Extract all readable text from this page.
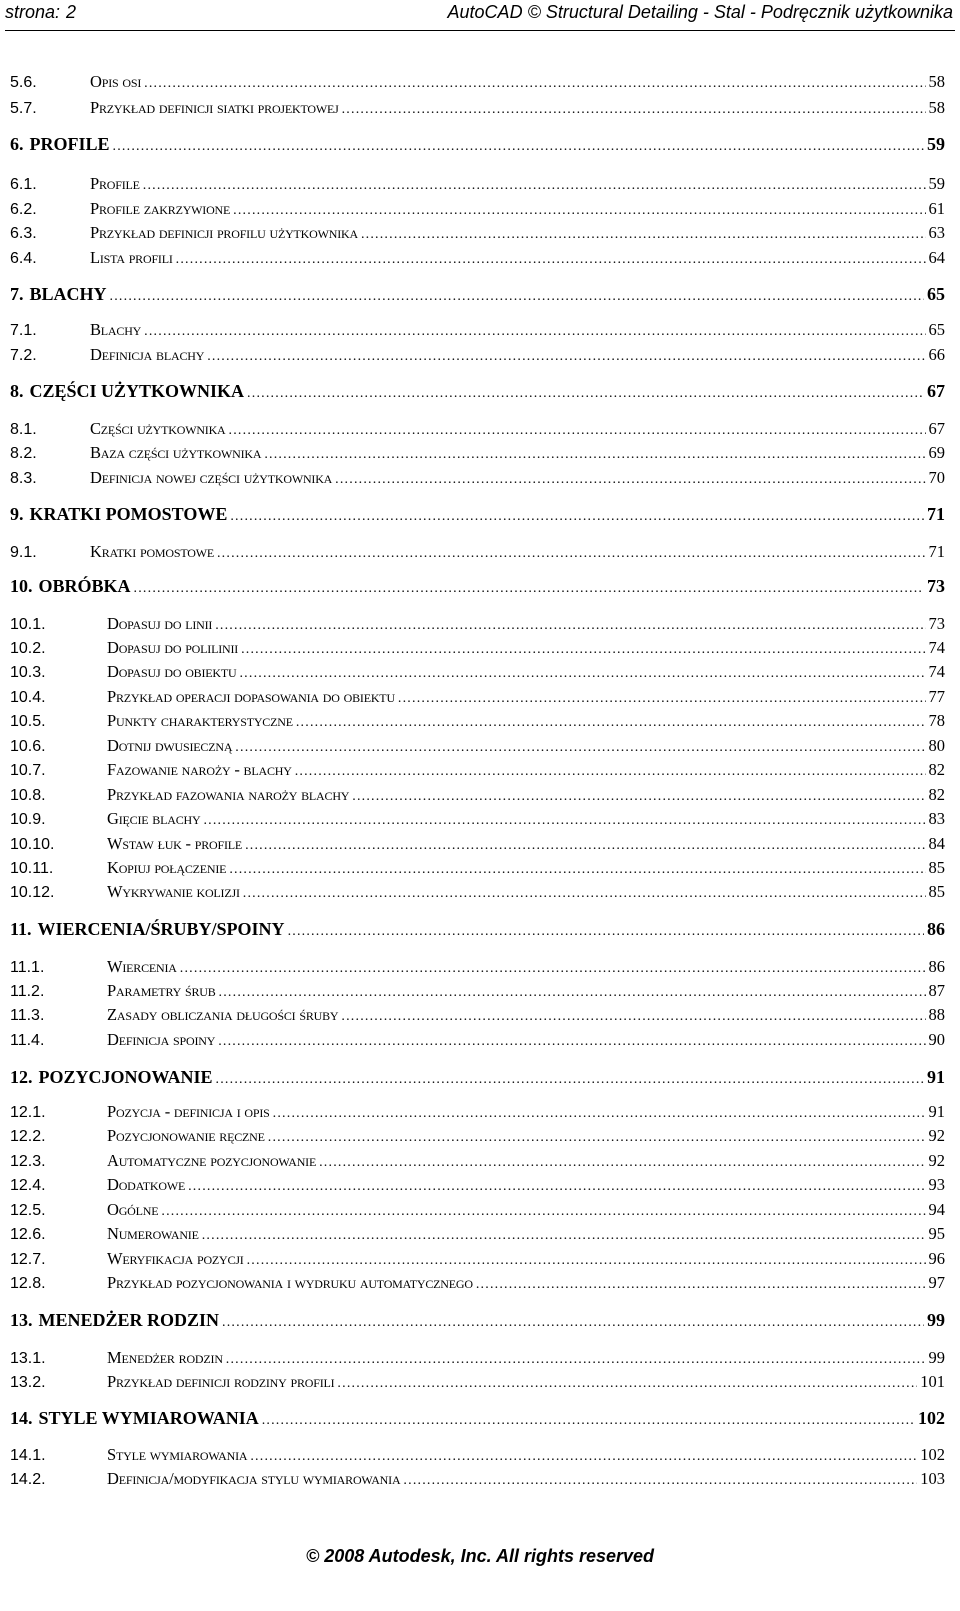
strona: 2	AutoCAD © Structural Detailing - Stal - Podręcznik użytkownika
5.6.	Opis osi .....	58
5.7.	Przykład definicji siatki projektowej .....	58
6. PROFILE .....	59
6.1.	Profile .....	59
6.2.	Profile zakrzywione .....	61
6.3.	Przykład definicji profilu użytkownika .....	63
6.4.	Lista profili .....	64
7. BLACHY .....	65
7.1.	Blachy .....	65
7.2.	Definicja blachy .....	66
8. CZĘŚCI UŻYTKOWNIKA .....	67
8.1.	Części użytkownika .....	67
8.2.	Baza części użytkownika .....	69
8.3.	Definicja nowej części użytkownika .....	70
9. KRATKI POMOSTOWE .....	71
9.1.	Kratki pomostowe .....	71
10. OBRÓBKA .....	73
10.1.	Dopasuj do linii .....	73
10.2.	Dopasuj do polilinii .....	74
10.3.	Dopasuj do obiektu .....	74
10.4.	Przykład operacji dopasowania do obiektu .....	77
10.5.	Punkty charakterystyczne .....	78
10.6.	Dotnij dwusieczną .....	80
10.7.	Fazowanie naroży - blachy .....	82
10.8.	Przykład fazowania naroży blachy .....	82
10.9.	Gięcie blachy .....	83
10.10.	Wstaw łuk - profile .....	84
10.11.	Kopiuj połączenie .....	85
10.12.	Wykrywanie kolizji .....	85
11. WIERCENIA/ŚRUBY/SPOINY .....	86
11.1.	Wiercenia .....	86
11.2.	Parametry śrub .....	87
11.3.	Zasady obliczania długości śruby .....	88
11.4.	Definicja spoiny .....	90
12. POZYCJONOWANIE .....	91
12.1.	Pozycja - definicja i opis .....	91
12.2.	Pozycjonowanie ręczne .....	92
12.3.	Automatyczne pozycjonowanie .....	92
12.4.	Dodatkowe .....	93
12.5.	Ogólne .....	94
12.6.	Numerowanie .....	95
12.7.	Weryfikacja pozycji .....	96
12.8.	Przykład pozycjonowania i wydruku automatycznego .....	97
13. MENEDŻER RODZIN .....	99
13.1.	Menedżer rodzin .....	99
13.2.	Przykład definicji rodziny profili .....	101
14. STYLE WYMIAROWANIA .....	102
14.1.	Style wymiarowania .....	102
14.2.	Definicja/modyfikacja stylu wymiarowania .....	103
© 2008 Autodesk, Inc. All rights reserved
